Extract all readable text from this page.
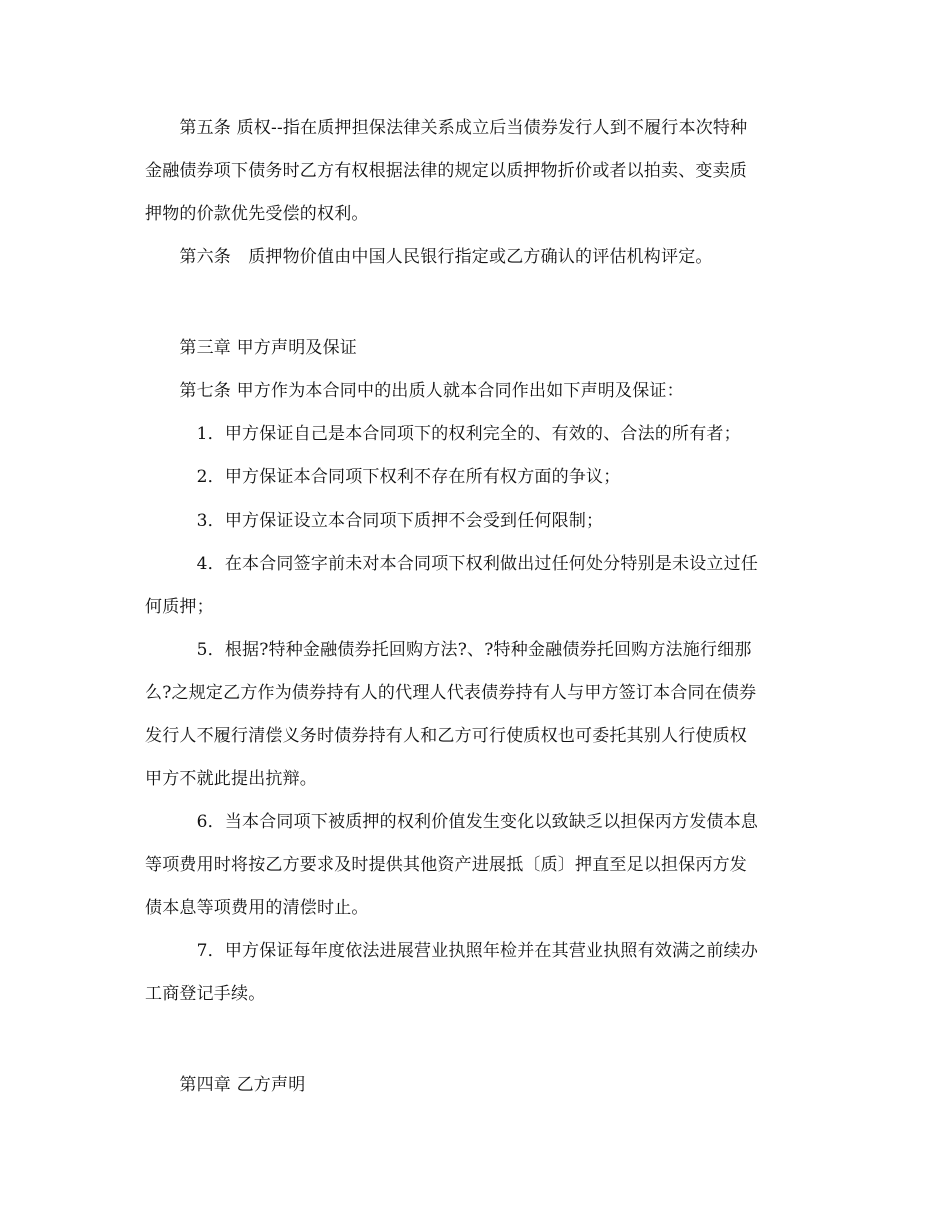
　　第五条 质权--指在质押担保法律关系成立后当债券发行人到不履行本次特种
金融债券项下债务时乙方有权根据法律的规定以质押物折价或者以拍卖、变卖质
押物的价款优先受偿的权利。
　　第六条　质押物价值由中国人民银行指定或乙方确认的评估机构评定。
　　第三章 甲方声明及保证
　　第七条 甲方作为本合同中的出质人就本合同作出如下声明及保证：
　　　1．甲方保证自己是本合同项下的权利完全的、有效的、合法的所有者；
　　　2．甲方保证本合同项下权利不存在所有权方面的争议；
　　　3．甲方保证设立本合同项下质押不会受到任何限制；
　　　4．在本合同签字前未对本合同项下权利做出过任何处分特别是未设立过任
何质押；
　　　5．根据?特种金融债券托回购方法?、?特种金融债券托回购方法施行细那
么?之规定乙方作为债券持有人的代理人代表债券持有人与甲方签订本合同在债券
发行人不履行清偿义务时债券持有人和乙方可行使质权也可委托其别人行使质权
甲方不就此提出抗辩。
　　　6．当本合同项下被质押的权利价值发生变化以致缺乏以担保丙方发债本息
等项费用时将按乙方要求及时提供其他资产进展抵〔质〕押直至足以担保丙方发
债本息等项费用的清偿时止。
　　　7．甲方保证每年度依法进展营业执照年检并在其营业执照有效满之前续办
工商登记手续。
　　第四章 乙方声明
